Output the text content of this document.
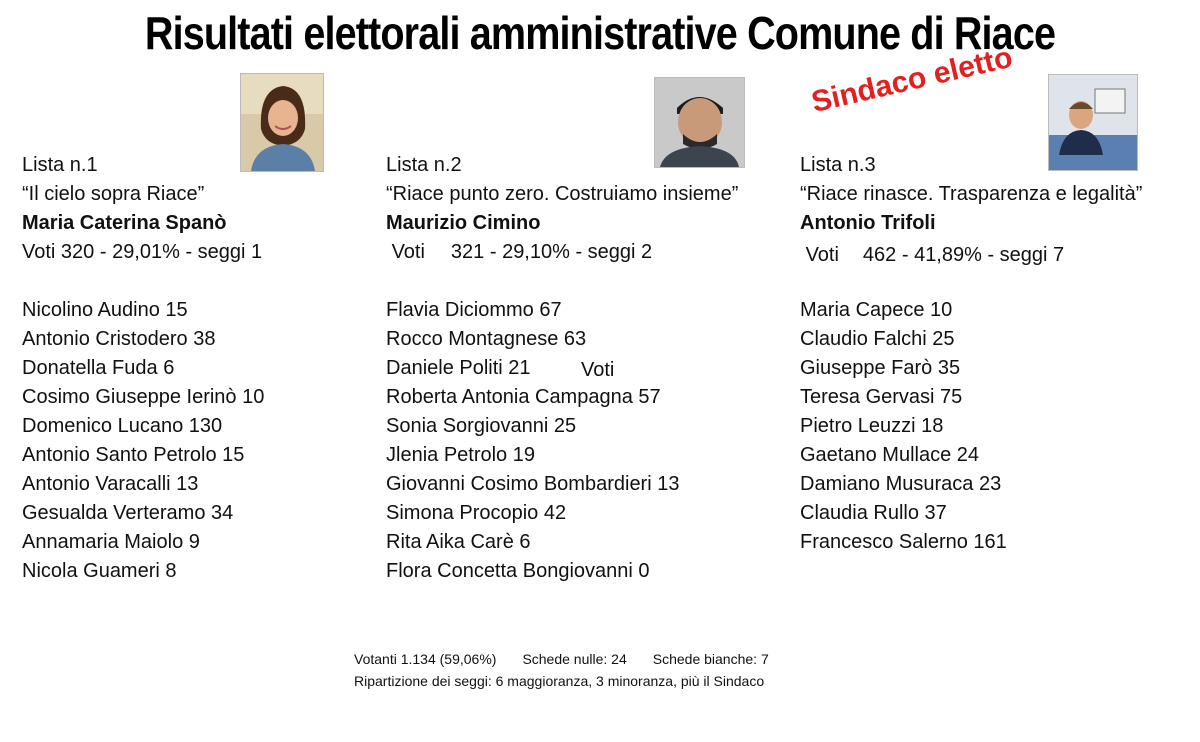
Risultati elettorali amministrative Comune di Riace
Sindaco eletto
Lista n.1
“Il cielo sopra Riace”
Maria Caterina Spanò
Voti 320 - 29,01% - seggi 1
Nicolino Audino 15
Antonio Cristodero 38
Donatella Fuda 6
Cosimo Giuseppe Ierinò 10
Domenico Lucano 130
Antonio Santo Petrolo 15
Antonio Varacalli 13
Gesualda Verteramo 34
Annamaria Maiolo 9
Nicola Guameri 8
Lista n.2
“Riace punto zero. Costruiamo insieme”
Maurizio Cimino
Voti 321 - 29,10% - seggi 2
Flavia Diciommo 67
Rocco Montagnese 63
Daniele Politi 21
Roberta Antonia Campagna 57
Sonia Sorgiovanni 25
Jlenia Petrolo 19
Giovanni Cosimo Bombardieri 13
Simona Procopio 42
Rita Aika Carè 6
Flora Concetta Bongiovanni 0
Voti
Lista n.3
“Riace rinasce. Trasparenza e legalità”
Antonio Trifoli
Voti 462 - 41,89% - seggi 7
Maria Capece 10
Claudio Falchi 25
Giuseppe Farò 35
Teresa Gervasi 75
Pietro Leuzzi 18
Gaetano Mullace 24
Damiano Musuraca 23
Claudia Rullo 37
Francesco Salerno 161
Votanti 1.134 (59,06%) Schede nulle: 24 Schede bianche: 7
Ripartizione dei seggi: 6 maggioranza, 3 minoranza, più il Sindaco
